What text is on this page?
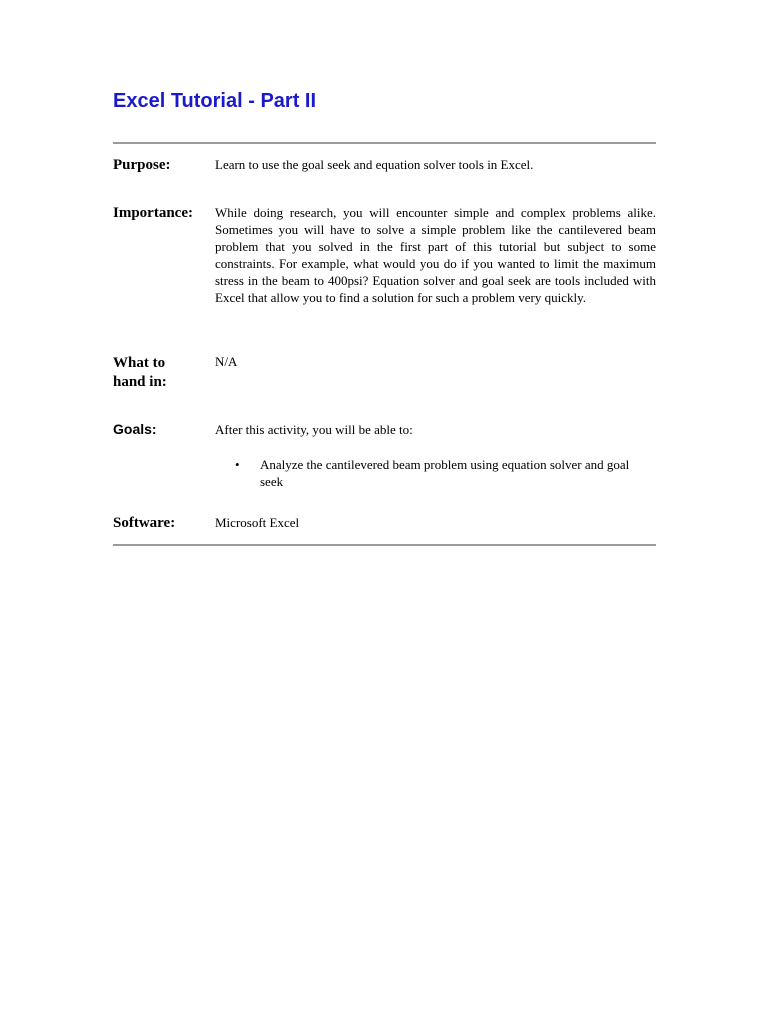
Excel Tutorial - Part II
Purpose:	Learn to use the goal seek and equation solver tools in Excel.
Importance:	While doing research, you will encounter simple and complex problems alike. Sometimes you will have to solve a simple problem like the cantilevered beam problem that you solved in the first part of this tutorial but subject to some constraints. For example, what would you do if you wanted to limit the maximum stress in the beam to 400psi? Equation solver and goal seek are tools included with Excel that allow you to find a solution for such a problem very quickly.
What to
hand in:
N/A
Goals:	After this activity, you will be able to:
• Analyze the cantilevered beam problem using equation solver and goal seek
Software:	Microsoft Excel
